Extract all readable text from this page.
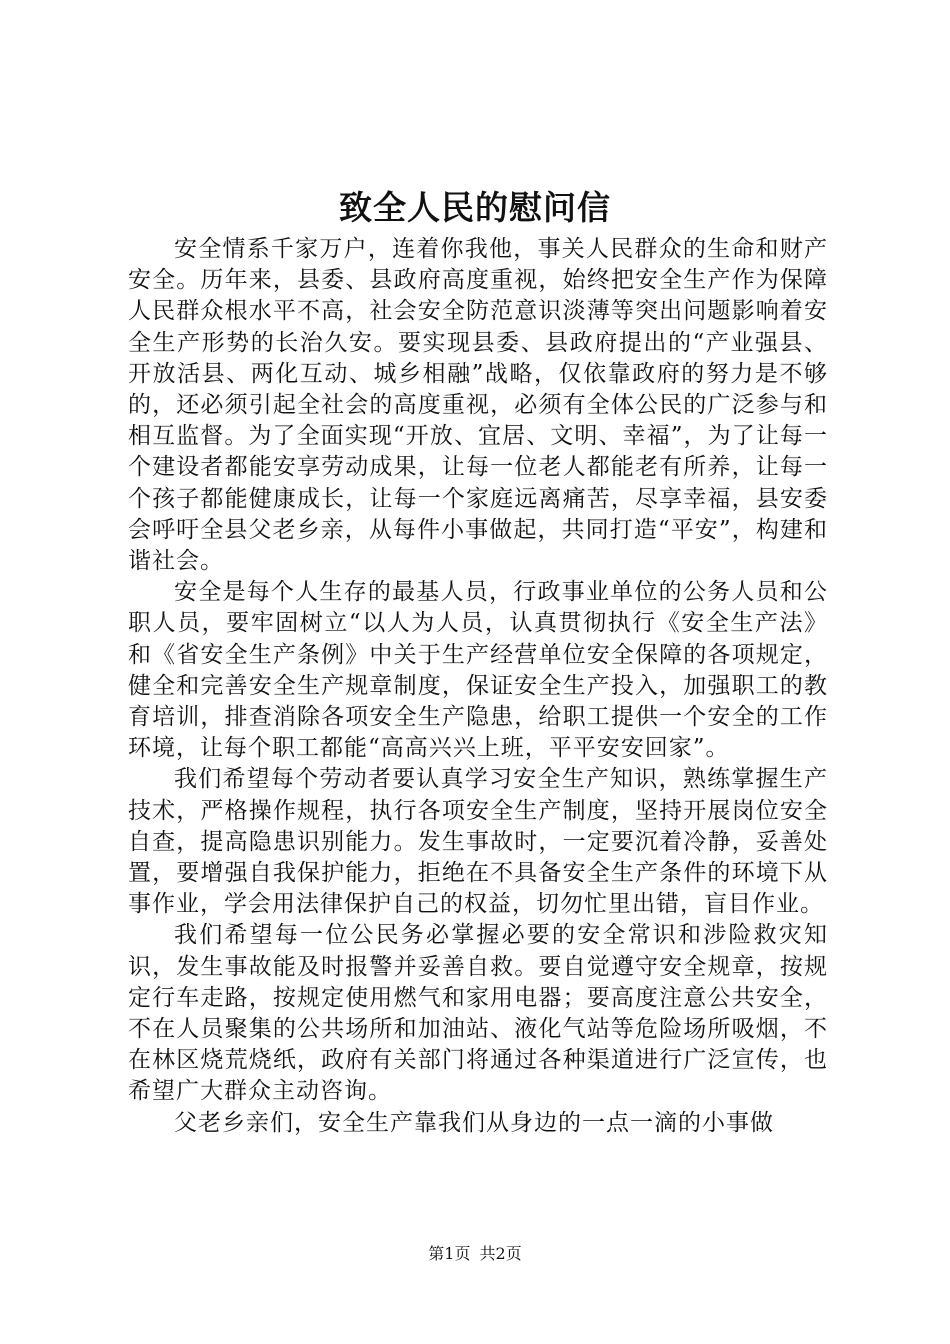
致全人民的慰问信

安全情系千家万户，连着你我他，事关人民群众的生命和财产安全。历年来，县委、县政府高度重视，始终把安全生产作为保障人民群众根水平不高，社会安全防范意识淡薄等突出问题影响着安全生产形势的长治久安。要实现县委、县政府提出的“产业强县、开放活县、两化互动、城乡相融”战略，仅依靠政府的努力是不够的，还必须引起全社会的高度重视，必须有全体公民的广泛参与和相互监督。为了全面实现“开放、宜居、文明、幸福”，为了让每一个建设者都能安享劳动成果，让每一位老人都能老有所养，让每一个孩子都能健康成长，让每一个家庭远离痛苦，尽享幸福，县安委会呼吁全县父老乡亲，从每件小事做起，共同打造“平安”，构建和谐社会。

安全是每个人生存的最基人员，行政事业单位的公务人员和公职人员，要牢固树立“以人为人员，认真贯彻执行《安全生产法》和《省安全生产条例》中关于生产经营单位安全保障的各项规定，健全和完善安全生产规章制度，保证安全生产投入，加强职工的教育培训，排查消除各项安全生产隐患，给职工提供一个安全的工作环境，让每个职工都能“高高兴兴上班，平平安安回家”。

我们希望每个劳动者要认真学习安全生产知识，熟练掌握生产技术，严格操作规程，执行各项安全生产制度，坚持开展岗位安全自查，提高隐患识别能力。发生事故时，一定要沉着冷静，妥善处置，要增强自我保护能力，拒绝在不具备安全生产条件的环境下从事作业，学会用法律保护自己的权益，切勿忙里出错，盲目作业。

我们希望每一位公民务必掌握必要的安全常识和涉险救灾知识，发生事故能及时报警并妥善自救。要自觉遵守安全规章，按规定行车走路，按规定使用燃气和家用电器；要高度注意公共安全，不在人员聚集的公共场所和加油站、液化气站等危险场所吸烟，不在林区烧荒烧纸，政府有关部门将通过各种渠道进行广泛宣传，也希望广大群众主动咨询。

父老乡亲们，安全生产靠我们从身边的一点一滴的小事做

第1页 共2页
